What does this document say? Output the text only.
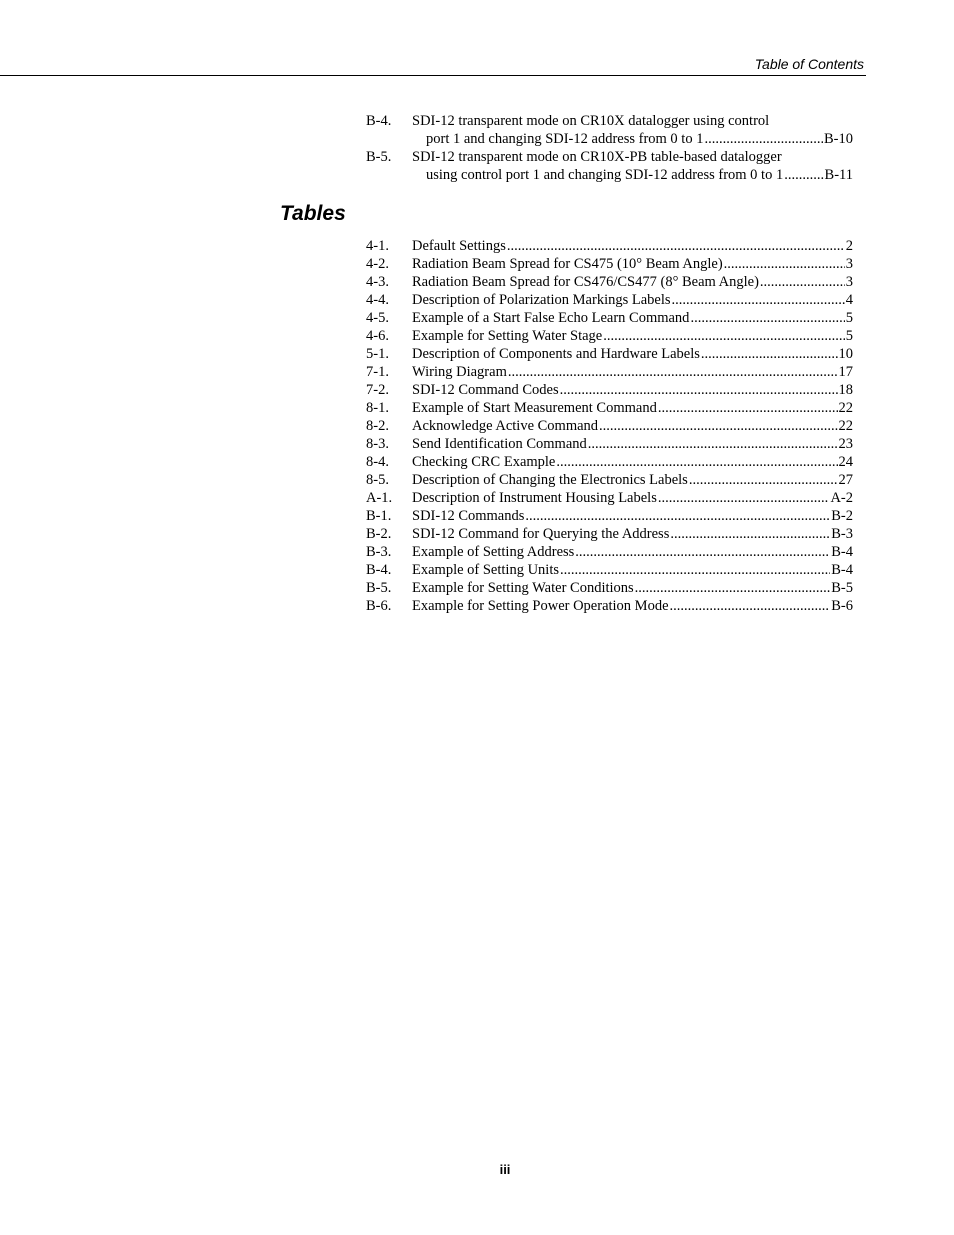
Table of Contents
B-4.	SDI-12 transparent mode on CR10X datalogger using control
port 1 and changing SDI-12 address from 0 to 1 .....	B-10
B-5.	SDI-12 transparent mode on CR10X-PB table-based datalogger
using control port 1 and changing SDI-12 address from 0 to 1 .....	B-11
Tables
4-1.	Default Settings .....	2
4-2.	Radiation Beam Spread for CS475 (10° Beam Angle) .....	3
4-3.	Radiation Beam Spread for CS476/CS477 (8° Beam Angle) .....	3
4-4.	Description of Polarization Markings Labels .....	4
4-5.	Example of a Start False Echo Learn Command .....	5
4-6.	Example for Setting Water Stage .....	5
5-1.	Description of Components and Hardware Labels .....	10
7-1.	Wiring Diagram .....	17
7-2.	SDI-12 Command Codes .....	18
8-1.	Example of Start Measurement Command .....	22
8-2.	Acknowledge Active Command .....	22
8-3.	Send Identification Command .....	23
8-4.	Checking CRC Example .....	24
8-5.	Description of Changing the Electronics Labels .....	27
A-1.	Description of Instrument Housing Labels .....	A-2
B-1.	SDI-12 Commands .....	B-2
B-2.	SDI-12 Command for Querying the Address .....	B-3
B-3.	Example of Setting Address .....	B-4
B-4.	Example of Setting Units .....	B-4
B-5.	Example for Setting Water Conditions .....	B-5
B-6.	Example for Setting Power Operation Mode .....	B-6
iii
